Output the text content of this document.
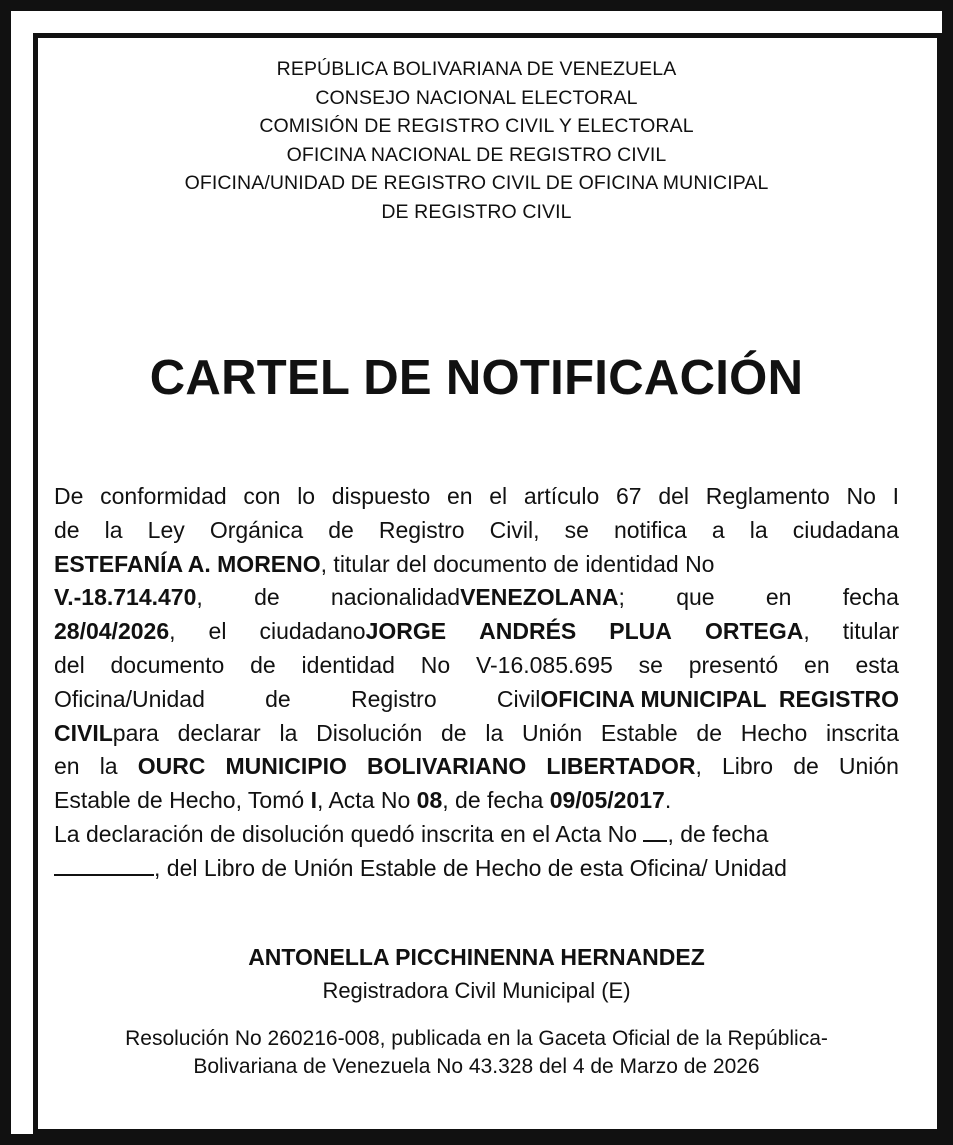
REPÚBLICA BOLIVARIANA DE VENEZUELA
CONSEJO NACIONAL ELECTORAL
COMISIÓN DE REGISTRO CIVIL Y ELECTORAL
OFICINA NACIONAL DE REGISTRO CIVIL
OFICINA/UNIDAD DE REGISTRO CIVIL DE OFICINA MUNICIPAL
DE REGISTRO CIVIL
CARTEL DE NOTIFICACIÓN
De conformidad con lo dispuesto en el artículo 67 del Reglamento No I
de la Ley Orgánica de Registro Civil, se notifica a la ciudadana
ESTEFANÍA A. MORENO, titular del documento de identidad No
V.-18.714.470, de nacionalidadVENEZOLANA; que en fecha
28/04/2026, el ciudadanoJORGE ANDRÉS PLUA ORTEGA, titular
del documento de identidad No V-16.085.695 se presentó en esta
Oficina/Unidad	de	Registro	CivilOFICINA MUNICIPAL  REGISTRO
CIVILpara declarar la Disolución de la Unión Estable de Hecho inscrita
en la OURC MUNICIPIO BOLIVARIANO LIBERTADOR, Libro de Unión
Estable de Hecho, Tomó
I , Acta No
08 , de fecha
09/05/2017 .
La declaración de disolución quedó inscrita en el Acta No
, de fecha
, del Libro de Unión Estable de Hecho de esta Oficina/ Unidad
ANTONELLA PICCHINENNA HERNANDEZ
Registradora Civil Municipal (E)
Resolución No 260216-008, publicada en la Gaceta Oficial de la República-
Bolivariana de Venezuela No 43.328 del 4 de Marzo de 2026
